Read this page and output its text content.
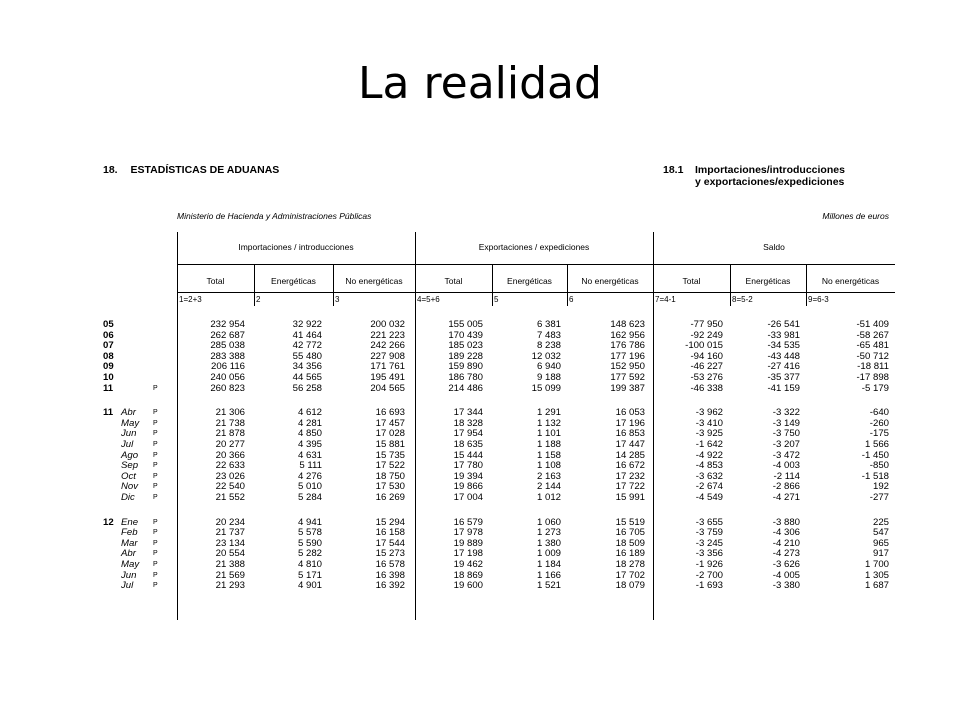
La realidad
18. ESTADÍSTICAS DE ADUANAS	18.1 Importaciones/introducciones
y exportaciones/expediciones
Ministerio de Hacienda y Administraciones Públicas	Millones de euros
Importaciones / introducciones	Exportaciones / expediciones	Saldo
Total	Energéticas	No energéticas	Total	Energéticas	No energéticas	Total	Energéticas	No energéticas
1=2+3	2	3	4=5+6	5	6	7=4-1	8=5-2	9=6-3
05	232 954	32 922	200 032	155 005	6 381	148 623	-77 950	-26 541	-51 409
06	262 687	41 464	221 223	170 439	7 483	162 956	-92 249	-33 981	-58 267
07	285 038	42 772	242 266	185 023	8 238	176 786	-100 015	-34 535	-65 481
08	283 388	55 480	227 908	189 228	12 032	177 196	-94 160	-43 448	-50 712
09	206 116	34 356	171 761	159 890	6 940	152 950	-46 227	-27 416	-18 811
10	240 056	44 565	195 491	186 780	9 188	177 592	-53 276	-35 377	-17 898
11	P	260 823	56 258	204 565	214 486	15 099	199 387	-46 338	-41 159	-5 179
11 Abr P	21 306	4 612	16 693	17 344	1 291	16 053	-3 962	-3 322	-640
May P	21 738	4 281	17 457	18 328	1 132	17 196	-3 410	-3 149	-260
Jun P	21 878	4 850	17 028	17 954	1 101	16 853	-3 925	-3 750	-175
Jul	P	20 277	4 395	15 881	18 635	1 188	17 447	-1 642	-3 207	1 566
Ago P	20 366	4 631	15 735	15 444	1 158	14 285	-4 922	-3 472	-1 450
Sep P	22 633	5 111	17 522	17 780	1 108	16 672	-4 853	-4 003	-850
Oct P	23 026	4 276	18 750	19 394	2 163	17 232	-3 632	-2 114	-1 518
Nov P	22 540	5 010	17 530	19 866	2 144	17 722	-2 674	-2 866	192
Dic	P	21 552	5 284	16 269	17 004	1 012	15 991	-4 549	-4 271	-277
12 Ene P	20 234	4 941	15 294	16 579	1 060	15 519	-3 655	-3 880	225
Feb P	21 737	5 578	16 158	17 978	1 273	16 705	-3 759	-4 306	547
Mar P	23 134	5 590	17 544	19 889	1 380	18 509	-3 245	-4 210	965
Abr P	20 554	5 282	15 273	17 198	1 009	16 189	-3 356	-4 273	917
May P	21 388	4 810	16 578	19 462	1 184	18 278	-1 926	-3 626	1 700
Jun P	21 569	5 171	16 398	18 869	1 166	17 702	-2 700	-4 005	1 305
Jul	P	21 293	4 901	16 392	19 600	1 521	18 079	-1 693	-3 380	1 687
